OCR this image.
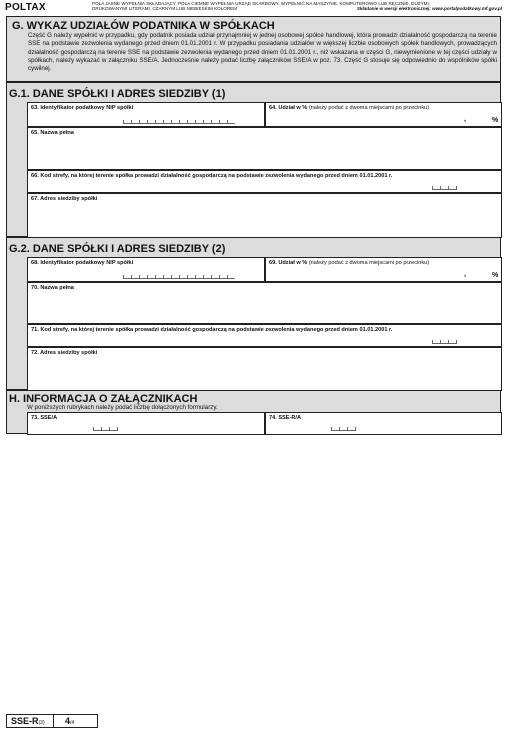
POLTAX	POLA JASNE WYPEŁNIA SKŁADAJĄCY, POLA CIEMNE WYPEŁNIA URZĄD SKARBOWY. WYPEŁNIĆ NA MASZYNIE, KOMPUTEROWO LUB RĘCZNIE, DUŻYMI,
DRUKOWANYMI LITERAMI, CZARNYM LUB NIEBIESKIM KOLOREM	Składanie w wersji elektronicznej: www.portalpodatkowy.mf.gov.pl
G. WYKAZ UDZIAŁÓW PODATNIKA W SPÓŁKACH
Część G należy wypełnić w przypadku, gdy podatnik posiada udział przynajmniej w jednej osobowej spółce handlowej, która prowadzi działalność gospodarczą na terenie SSE na podstawie zezwolenia wydanego przed dniem 01.01.2001 r. W przypadku posiadania udziałów w większej liczbie osobowych spółek handlowych, prowadzących działalność gospodarczą na terenie SSE na podstawie zezwolenia wydanego przed dniem 01.01.2001 r., niż wskazana w części G, niewymienione w tej części udziały w spółkach, należy wykazać w załączniku SSE/A. Jednocześnie należy podać liczbę załączników SSE/A w poz. 73. Część G stosuje się odpowiednio do wspólników spółki cywilnej.
G.1. DANE SPÓŁKI I ADRES SIEDZIBY (1)
63. Identyfikator podatkowy NIP spółki	64. Udział w % (należy podać z dwoma miejscami po przecinku)
,	%
65. Nazwa pełna
66. Kod strefy, na której terenie spółka prowadzi działalność gospodarczą na podstawie zezwolenia wydanego przed dniem 01.01.2001 r.
67. Adres siedziby spółki
G.2. DANE SPÓŁKI I ADRES SIEDZIBY (2)
68. Identyfikator podatkowy NIP spółki	69. Udział w % (należy podać z dwoma miejscami po przecinku)
,	%
70. Nazwa pełna
71. Kod strefy, na której terenie spółka prowadzi działalność gospodarczą na podstawie zezwolenia wydanego przed dniem 01.01.2001 r.
72. Adres siedziby spółki
H. INFORMACJA O ZAŁĄCZNIKACH
W poniższych rubrykach należy podać liczbę dołączonych formularzy.
73. SSE/A	74. SSE-R/A
SSE-R(3) 4/4
